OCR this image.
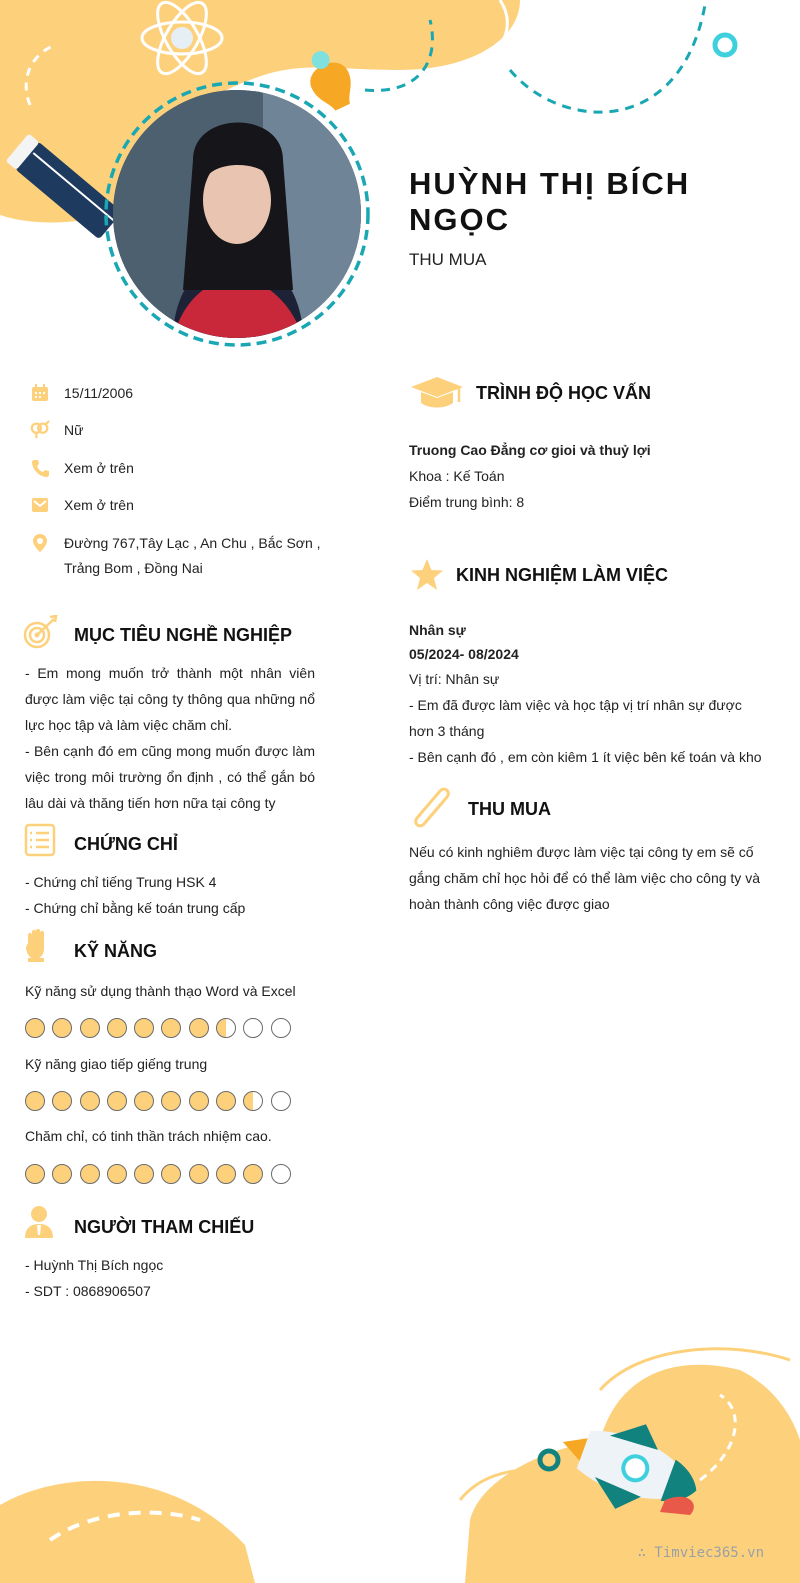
HUỲNH THỊ BÍCH NGỌC
THU MUA
15/11/2006
Nữ
Xem ở trên
Xem ở trên
Đường 767,Tây Lạc , An Chu , Bắc Sơn , Trảng Bom , Đồng Nai
MỤC TIÊU NGHỀ NGHIỆP
- Em mong muốn trở thành một nhân viên được làm việc tại công ty thông qua những nổ lực học tập và làm việc chăm chỉ.
- Bên cạnh đó em cũng mong muốn được làm việc trong môi trường ổn định , có thể gắn bó lâu dài và thăng tiến hơn nữa tại công ty
CHỨNG CHỈ
- Chứng chỉ tiếng Trung HSK 4
- Chứng chỉ bằng kế toán trung cấp
KỸ NĂNG
Kỹ năng sử dụng thành thạo Word và Excel
Kỹ năng giao tiếp giếng trung
Chăm chỉ, có tinh thần trách nhiệm cao.
NGƯỜI THAM CHIẾU
- Huỳnh Thị Bích ngọc
- SDT : 0868906507
TRÌNH ĐỘ HỌC VẤN
Truong Cao Đẳng cơ gioi và thuỷ lợi
Khoa : Kế Toán
Điểm trung bình: 8
KINH NGHIỆM LÀM VIỆC
Nhân sự
05/2024- 08/2024
Vị trí: Nhân sự
- Em đã được làm việc và học tập vị trí nhân sự được hơn 3 tháng
- Bên cạnh đó , em còn kiêm 1 ít việc bên kế toán và kho
THU MUA
Nếu có kinh nghiêm được làm việc tại công ty em sẽ cố gắng chăm chỉ học hỏi để có thể làm việc cho công ty và hoàn thành công việc được giao
∴ Timviec365.vn
